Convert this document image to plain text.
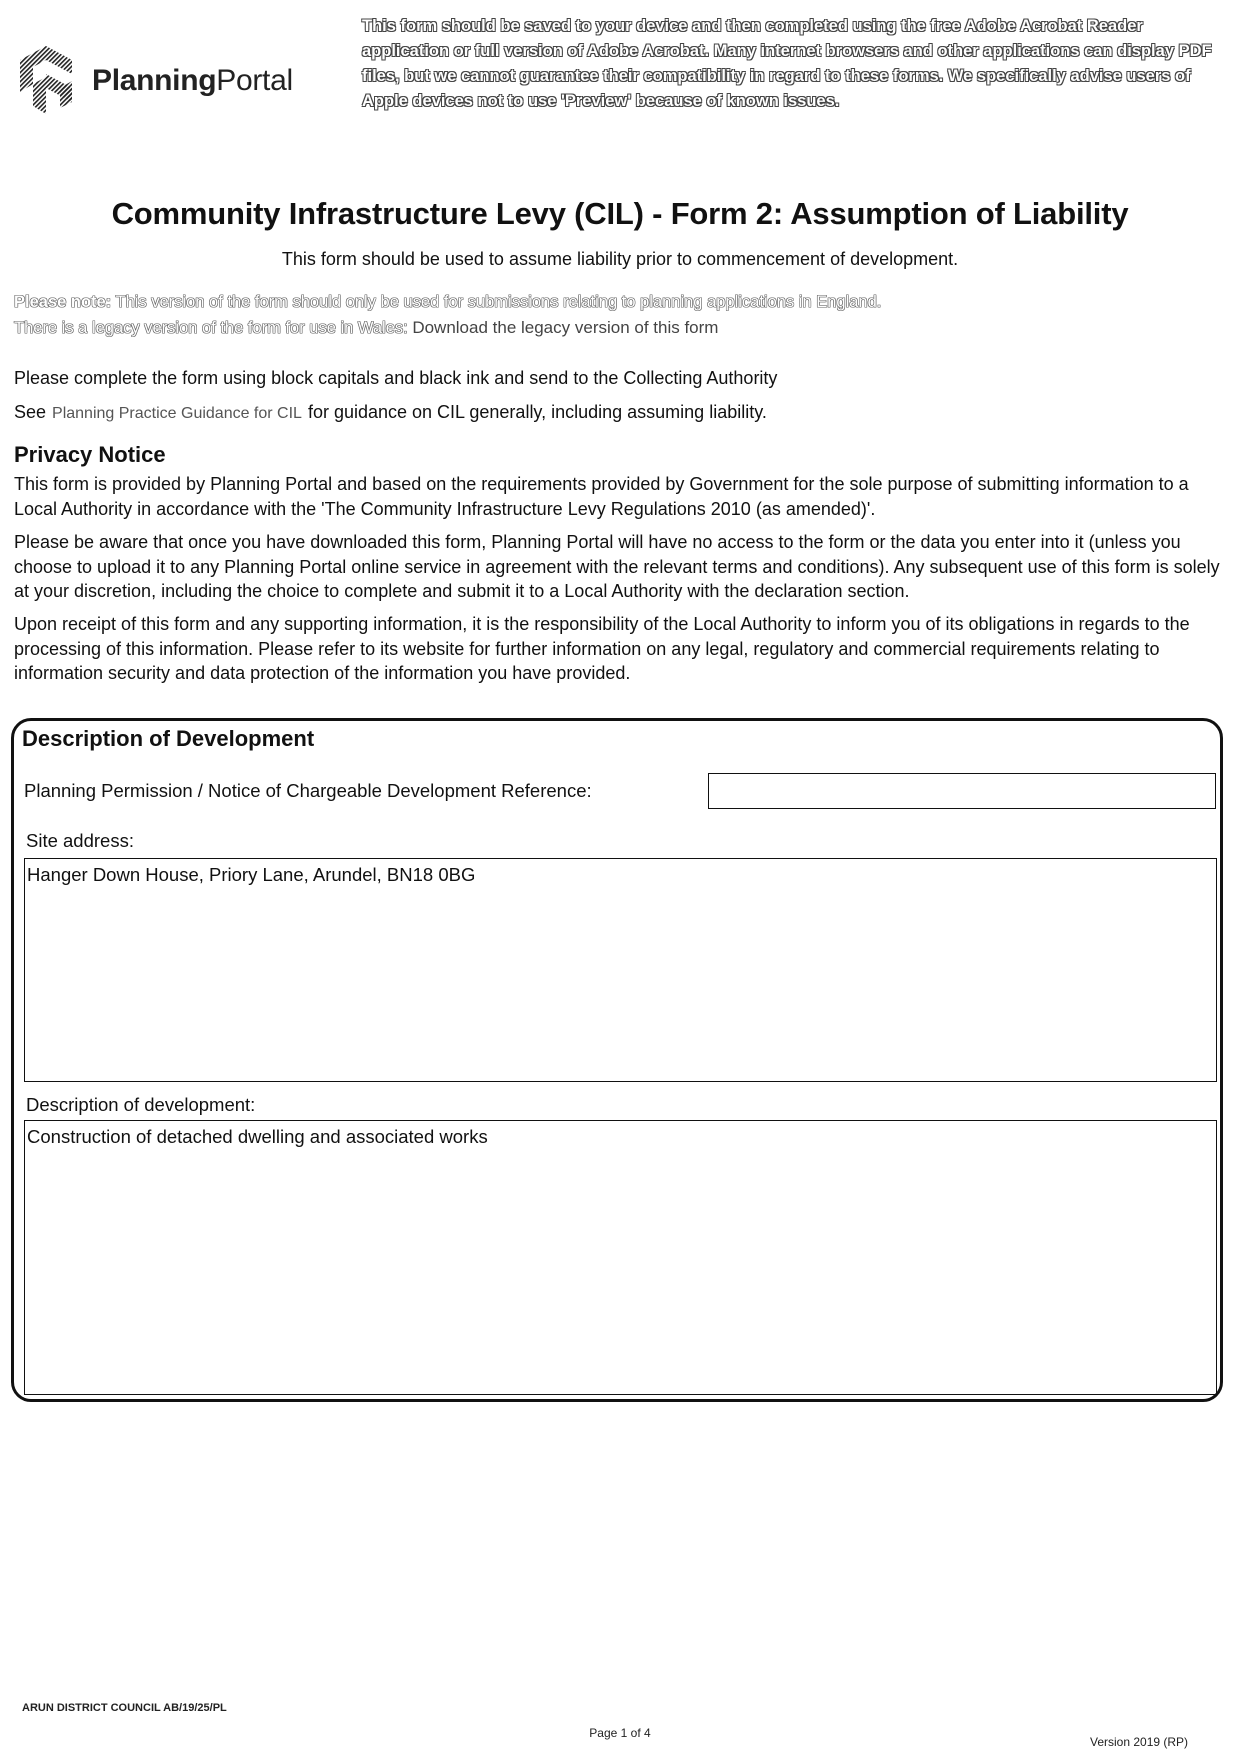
PlanningPortal
This form should be saved to your device and then completed using the free Adobe Acrobat Reader application or full version of Adobe Acrobat. Many internet browsers and other applications can display PDF files, but we cannot guarantee their compatibility in regard to these forms. We specifically advise users of Apple devices not to use 'Preview' because of known issues.
Community Infrastructure Levy (CIL) - Form 2: Assumption of Liability
This form should be used to assume liability prior to commencement of development.
Please note: This version of the form should only be used for submissions relating to planning applications in England.
There is a legacy version of the form for use in Wales: Download the legacy version of this form
Please complete the form using block capitals and black ink and send to the Collecting Authority
See Planning Practice Guidance for CIL for guidance on CIL generally, including assuming liability.
Privacy Notice
This form is provided by Planning Portal and based on the requirements provided by Government for the sole purpose of submitting information to a Local Authority in accordance with the 'The Community Infrastructure Levy Regulations 2010 (as amended)'.
Please be aware that once you have downloaded this form, Planning Portal will have no access to the form or the data you enter into it (unless you choose to upload it to any Planning Portal online service in agreement with the relevant terms and conditions). Any subsequent use of this form is solely at your discretion, including the choice to complete and submit it to a Local Authority with the declaration section.
Upon receipt of this form and any supporting information, it is the responsibility of the Local Authority to inform you of its obligations in regards to the processing of this information. Please refer to its website for further information on any legal, regulatory and commercial requirements relating to information security and data protection of the information you have provided.
Description of Development
Planning Permission / Notice of Chargeable Development Reference:
Site address:
Hanger Down House, Priory Lane, Arundel, BN18 0BG
Description of development:
Construction of detached dwelling and associated works
ARUN DISTRICT COUNCIL AB/19/25/PL
Page 1 of 4
Version 2019 (RP)
